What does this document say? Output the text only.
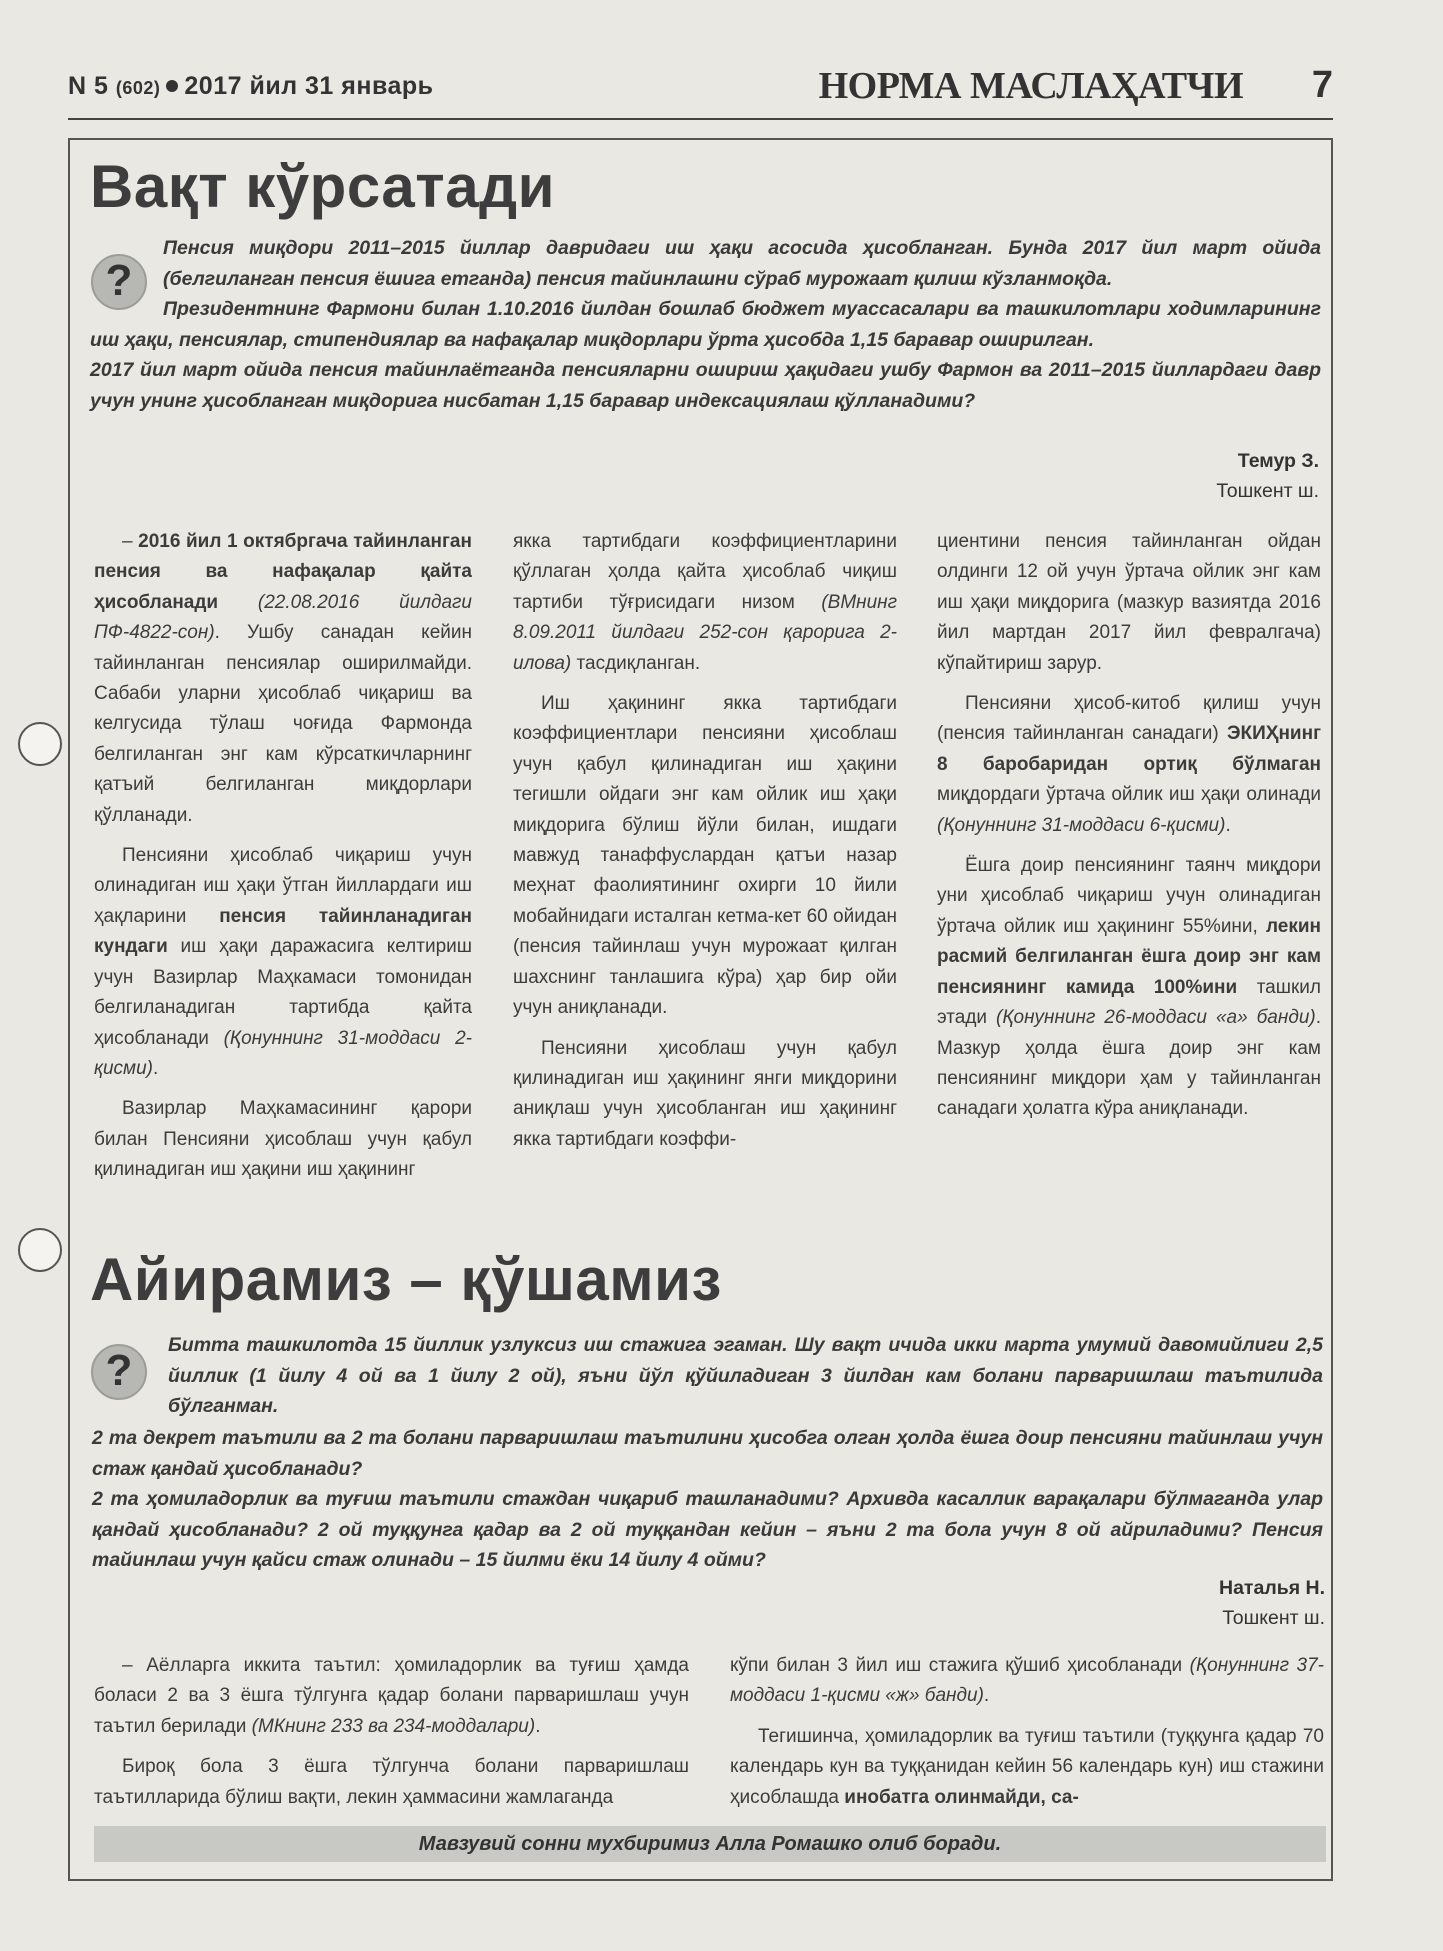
N 5 (602) 2017 йил 31 январь	НОРМА МАСЛАҲАТЧИ 7
Вақт кўрсатади
?

Пенсия миқдори 2011–2015 йиллар давридаги иш ҳақи асосида ҳисобланган. Бунда 2017 йил март ойида (белгиланган пенсия ёшига етганда) пенсия тайинлашни сўраб мурожаат қилиш кўзланмоқда.

Президентнинг Фармони билан 1.10.2016 йилдан бошлаб бюджет муассасалари ва ташкилотлари ходимларининг иш ҳақи, пенсиялар, стипендиялар ва нафақалар миқдорлари ўртa ҳисобда 1,15 баравар оширилган.

2017 йил март ойида пенсия тайинлаётганда пенсияларни ошириш ҳақидаги ушбу Фармон ва 2011–2015 йиллардаги давр учун унинг ҳисобланган миқдорига нисбатан 1,15 баравар индексациялаш қўлланадими?

Темур З.
Тошкент ш.

– 2016 йил 1 октябргача тайинланган пенсия ва нафақалар қайта ҳисобланади (22.08.2016 йилдаги ПФ-4822-сон). Ушбу санадан кейин тайинланган пенсиялар оширилмайди. Сабаби уларни ҳисоблаб чиқариш ва келгусида тўлаш чоғида Фармонда белгиланган энг кам кўрсаткичларнинг қатъий белгиланган миқдорлари қўлланади.

Пенсияни ҳисоблаб чиқариш учун олинадиган иш ҳақи ўтган йиллардаги иш ҳақларини пенсия тайинланадиган кундаги иш ҳақи даражасига келтириш учун Вазирлар Маҳкамаси томонидан белгиланадиган тартибда қайта ҳисобланади (Қонуннинг 31-моддаси 2-қисми).

Вазирлар Маҳкамасининг қарори билан Пенсияни ҳисоблаш учун қабул қилинадиган иш ҳақини иш ҳақининг

якка тартибдаги коэффициентларини қўллаган ҳолда қайта ҳисоблаб чиқиш тартиби тўғрисидаги низом (ВМнинг 8.09.2011 йилдаги 252-сон қарорига 2-илова) тасдиқланган.

Иш ҳақининг якка тартибдаги коэффициентлари пенсияни ҳисоблаш учун қабул қилинадиган иш ҳақини тегишли ойдаги энг кам ойлик иш ҳақи миқдорига бўлиш йўли билан, ишдаги мавжуд танаффуслардан қатъи назар меҳнат фаолиятининг охирги 10 йили мобайнидаги исталган кетма-кет 60 ойидан (пенсия тайинлаш учун мурожаат қилган шахснинг танлашига кўра) ҳар бир ойи учун аниқланади.

Пенсияни ҳисоблаш учун қабул қилинадиган иш ҳақининг янги миқдорини аниқлаш учун ҳисобланган иш ҳақининг якка тартибдаги коэффи-

циентини пенсия тайинланган ойдан олдинги 12 ой учун ўртача ойлик энг кам иш ҳақи миқдорига (мазкур вазиятда 2016 йил мартдан 2017 йил февралгача) кўпайтириш зарур.

Пенсияни ҳисоб-китоб қилиш учун (пенсия тайинланган санадаги) ЭКИҲнинг 8 баробаридан ортиқ бўлмаган миқдордаги ўртача ойлик иш ҳақи олинади (Қонуннинг 31-моддаси 6-қисми).

Ёшга доир пенсиянинг таянч миқдори уни ҳисоблаб чиқариш учун олинадиган ўртача ойлик иш ҳақининг 55%ини, лекин расмий белгиланган ёшга доир энг кам пенсиянинг камида 100%ини ташкил этади (Қонуннинг 26-моддаси «а» банди). Мазкур ҳолда ёшга доир энг кам пенсиянинг миқдори ҳам у тайинланган санадаги ҳолатга кўра аниқланади.

Айирамиз – қўшамиз
?

Битта ташкилотда 15 йиллик узлуксиз иш стажига эгаман. Шу вақт ичида икки марта умумий давомийлиги 2,5 йиллик (1 йилу 4 ой ва 1 йилу 2 ой), яъни йўл қўйиладиган 3 йилдан кам болани парваришлаш таътилида бўлганман.

2 та декрет таътили ва 2 та болани парваришлаш таътилини ҳисобга олган ҳолда ёшга доир пенсияни тайинлаш учун стаж қандай ҳисобланади?

2 та ҳомиладорлик ва туғиш таътили стаждан чиқариб ташланадими? Архивда касаллик варақалари бўлмаганда улар қандай ҳисобланади? 2 ой туққунга қадар ва 2 ой туққандан кейин – яъни 2 та бола учун 8 ой айриладими? Пенсия тайинлаш учун қайси стаж олинади – 15 йилми ёки 14 йилу 4 ойми?

Наталья Н.
Тошкент ш.

– Аёлларга иккита таътил: ҳомиладорлик ва туғиш ҳамда боласи 2 ва 3 ёшга тўлгунга қадар болани парваришлаш учун таътил берилади (МКнинг 233 ва 234-моддалари).

Бироқ бола 3 ёшга тўлгунча болани парваришлаш таътилларида бўлиш вақти, лекин ҳаммасини жамлаганда

кўпи билан 3 йил иш стажига қўшиб ҳисобланади (Қонуннинг 37-моддаси 1-қисми «ж» банди).

Тегишинча, ҳомиладорлик ва туғиш таътили (туққунга қадар 70 календарь кун ва туққанидан кейин 56 календарь кун) иш стажини ҳисоблашда инобатга олинмайди, са-

Мавзувий сонни мухбиримиз Алла Ромашко олиб боради.
